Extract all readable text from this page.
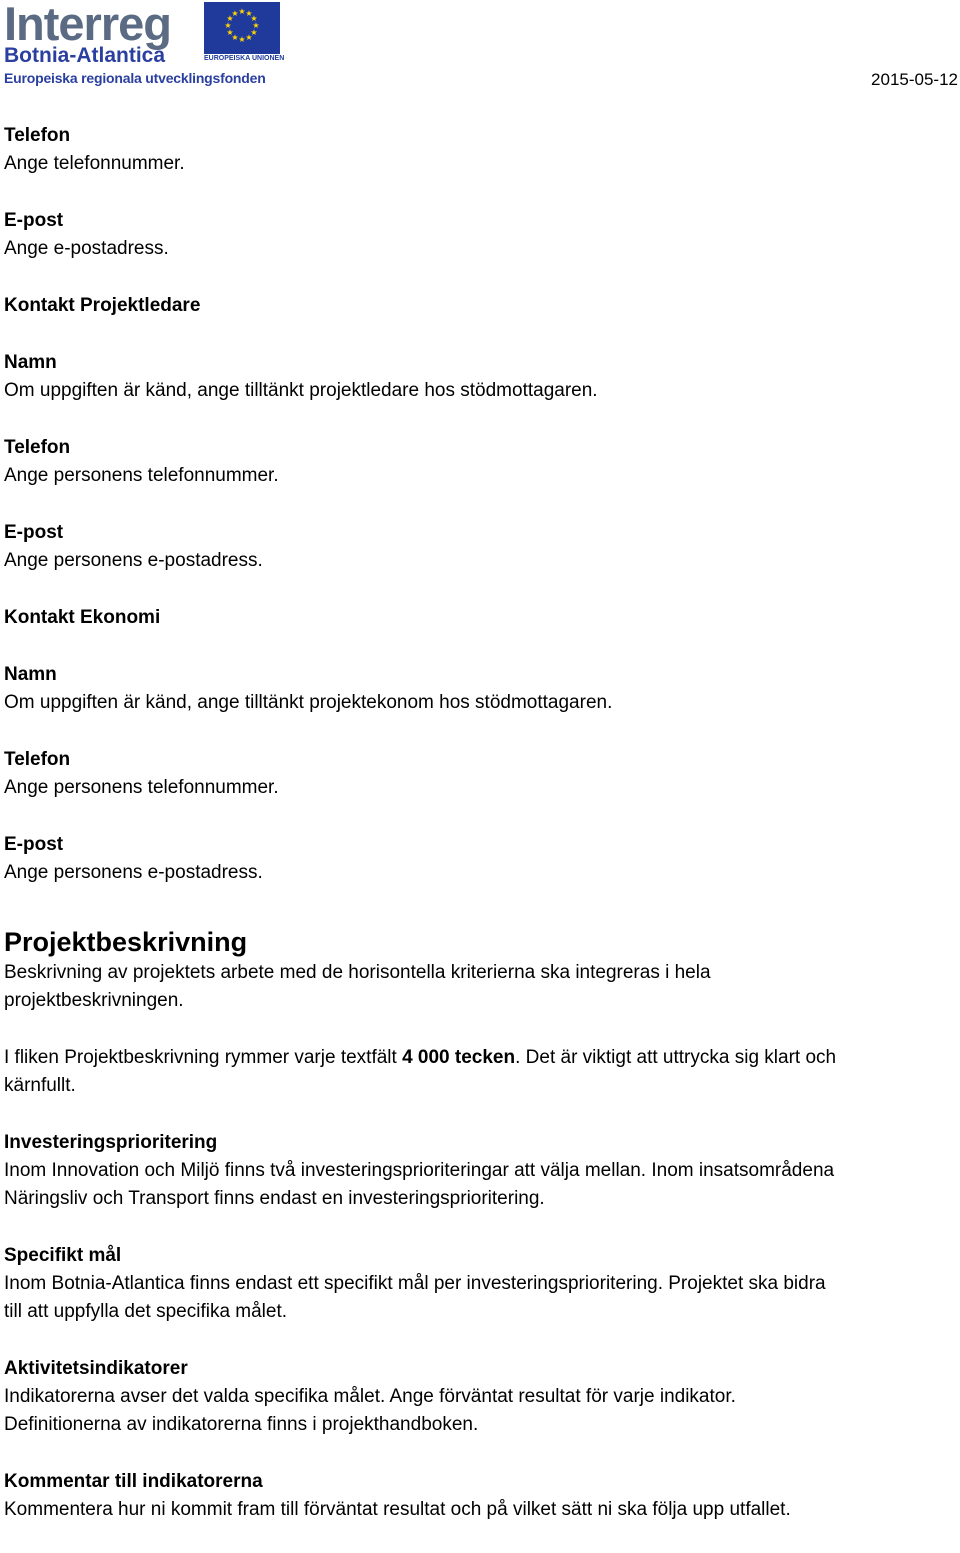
Interreg
Botnia-Atlantica
Europeiska regionala utvecklingsfonden
★ ★
★
★
★
★
★
★
★
★
★
★
EUROPEISKA UNIONEN
2015-05-12

Telefon

Ange telefonnummer.

E-post

Ange e-postadress.

Kontakt Projektledare

Namn

Om uppgiften är känd, ange tilltänkt projektledare hos stödmottagaren.

Telefon

Ange personens telefonnummer.

E-post

Ange personens e-postadress.

Kontakt Ekonomi

Namn

Om uppgiften är känd, ange tilltänkt projektekonom hos stödmottagaren.

Telefon

Ange personens telefonnummer.

E-post

Ange personens e-postadress.

Projektbeskrivning

Beskrivning av projektets arbete med de horisontella kriterierna ska integreras i hela

projektbeskrivningen.

I fliken Projektbeskrivning rymmer varje textfält 4 000 tecken. Det är viktigt att uttrycka sig klart och

kärnfullt.

Investeringsprioritering

Inom Innovation och Miljö finns två investeringsprioriteringar att välja mellan. Inom insatsområdena

Näringsliv och Transport finns endast en investeringsprioritering.

Specifikt mål

Inom Botnia-Atlantica finns endast ett specifikt mål per investeringsprioritering. Projektet ska bidra

till att uppfylla det specifika målet.

Aktivitetsindikatorer

Indikatorerna avser det valda specifika målet. Ange förväntat resultat för varje indikator.

Definitionerna av indikatorerna finns i projekthandboken.

Kommentar till indikatorerna

Kommentera hur ni kommit fram till förväntat resultat och på vilket sätt ni ska följa upp utfallet.
